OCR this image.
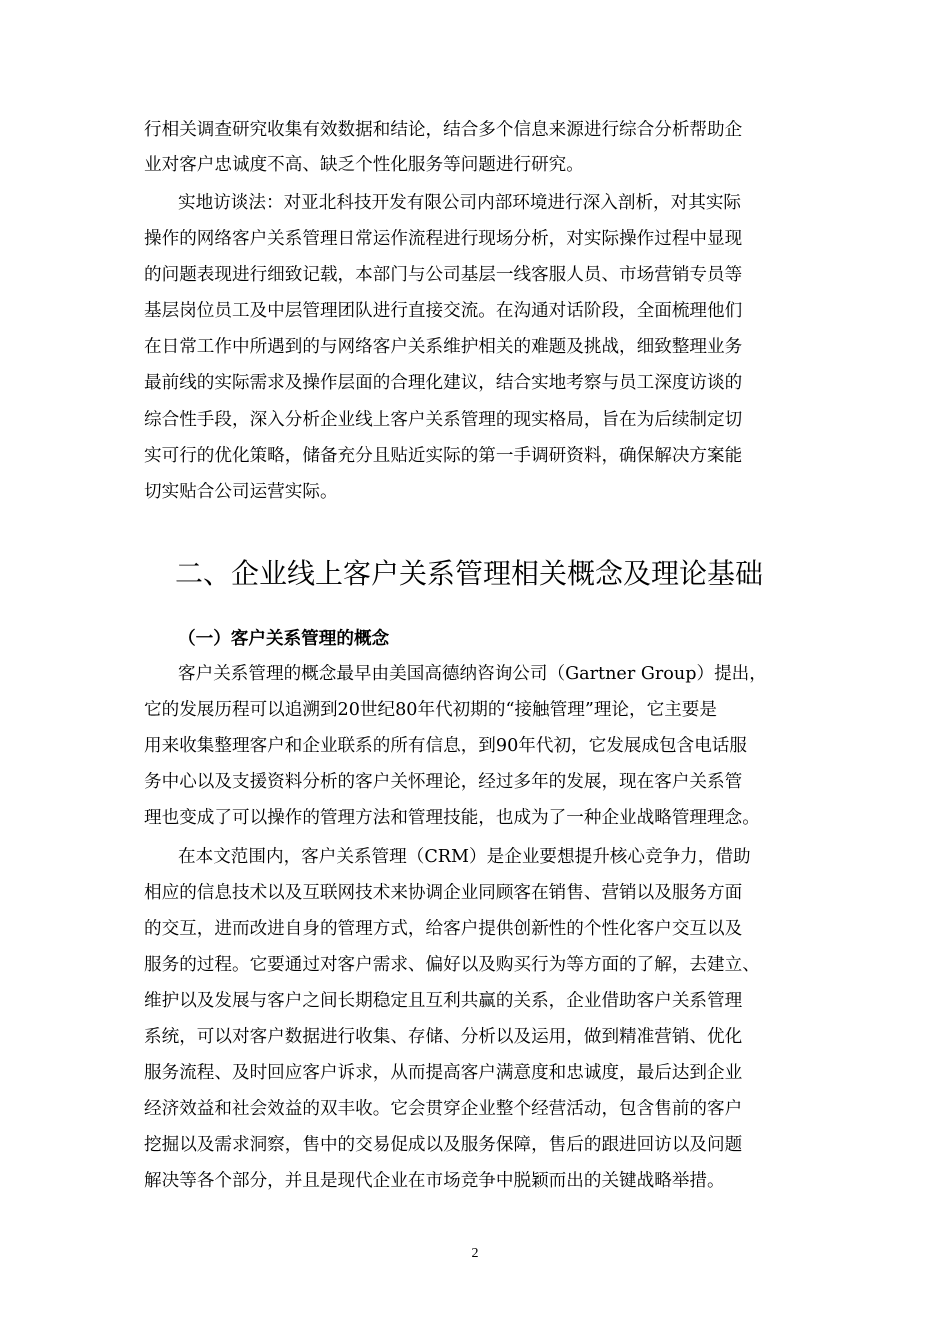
行相关调查研究收集有效数据和结论，结合多个信息来源进行综合分析帮助企
业对客户忠诚度不高、缺乏个性化服务等问题进行研究。
实地访谈法：对亚北科技开发有限公司内部环境进行深入剖析，对其实际
操作的网络客户关系管理日常运作流程进行现场分析，对实际操作过程中显现
的问题表现进行细致记载，本部门与公司基层一线客服人员、市场营销专员等
基层岗位员工及中层管理团队进行直接交流。在沟通对话阶段，全面梳理他们
在日常工作中所遇到的与网络客户关系维护相关的难题及挑战，细致整理业务
最前线的实际需求及操作层面的合理化建议，结合实地考察与员工深度访谈的
综合性手段，深入分析企业线上客户关系管理的现实格局，旨在为后续制定切
实可行的优化策略，储备充分且贴近实际的第一手调研资料，确保解决方案能
切实贴合公司运营实际。
二、企业线上客户关系管理相关概念及理论基础
（一）客户关系管理的概念
客户关系管理的概念最早由美国高德纳咨询公司（Gartner Group）提出，
它的发展历程可以追溯到20世纪80年代初期的“接触管理”理论，它主要是
用来收集整理客户和企业联系的所有信息，到90年代初，它发展成包含电话服
务中心以及支援资料分析的客户关怀理论，经过多年的发展，现在客户关系管
理也变成了可以操作的管理方法和管理技能，也成为了一种企业战略管理理念。
在本文范围内，客户关系管理（CRM）是企业要想提升核心竞争力，借助
相应的信息技术以及互联网技术来协调企业同顾客在销售、营销以及服务方面
的交互，进而改进自身的管理方式，给客户提供创新性的个性化客户交互以及
服务的过程。它要通过对客户需求、偏好以及购买行为等方面的了解，去建立、
维护以及发展与客户之间长期稳定且互利共赢的关系，企业借助客户关系管理
系统，可以对客户数据进行收集、存储、分析以及运用，做到精准营销、优化
服务流程、及时回应客户诉求，从而提高客户满意度和忠诚度，最后达到企业
经济效益和社会效益的双丰收。它会贯穿企业整个经营活动，包含售前的客户
挖掘以及需求洞察，售中的交易促成以及服务保障，售后的跟进回访以及问题
解决等各个部分，并且是现代企业在市场竞争中脱颖而出的关键战略举措。
2
